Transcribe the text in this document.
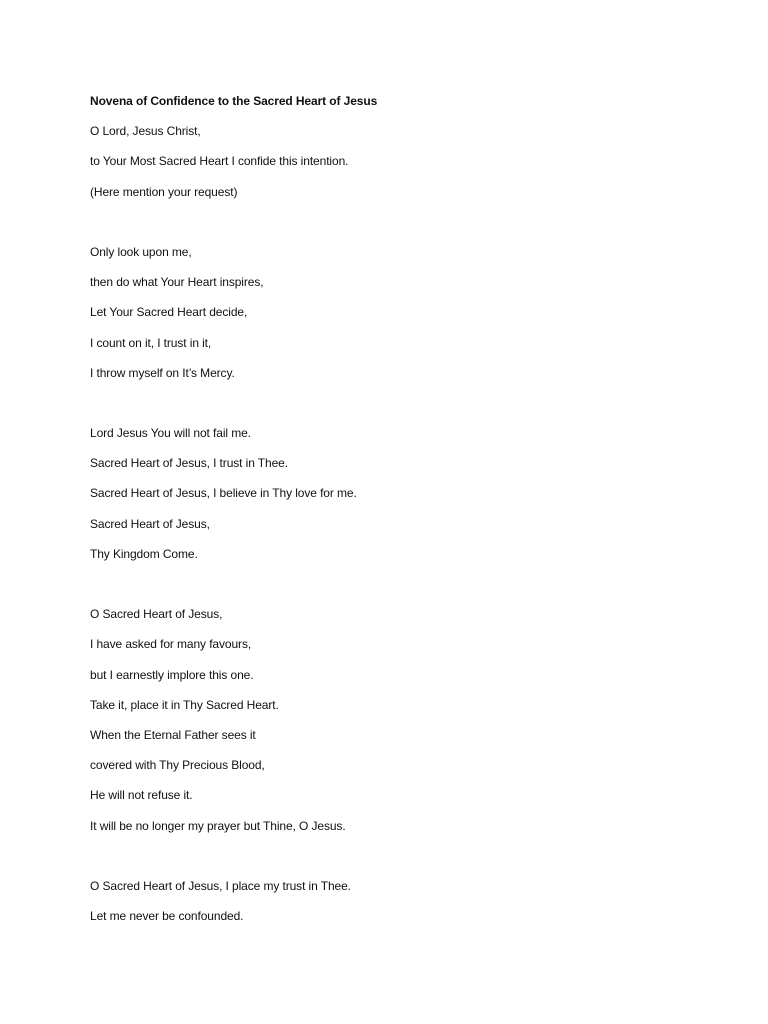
Novena of Confidence to the Sacred Heart of Jesus
O Lord, Jesus Christ,
to Your Most Sacred Heart I confide this intention.
(Here mention your request)
Only look upon me,
then do what Your Heart inspires,
Let Your Sacred Heart decide,
I count on it, I trust in it,
I throw myself on It’s Mercy.
Lord Jesus You will not fail me.
Sacred Heart of Jesus, I trust in Thee.
Sacred Heart of Jesus, I believe in Thy love for me.
Sacred Heart of Jesus,
Thy Kingdom Come.
O Sacred Heart of Jesus,
I have asked for many favours,
but I earnestly implore this one.
Take it, place it in Thy Sacred Heart.
When the Eternal Father sees it
covered with Thy Precious Blood,
He will not refuse it.
It will be no longer my prayer but Thine, O Jesus.
O Sacred Heart of Jesus, I place my trust in Thee.
Let me never be confounded.
